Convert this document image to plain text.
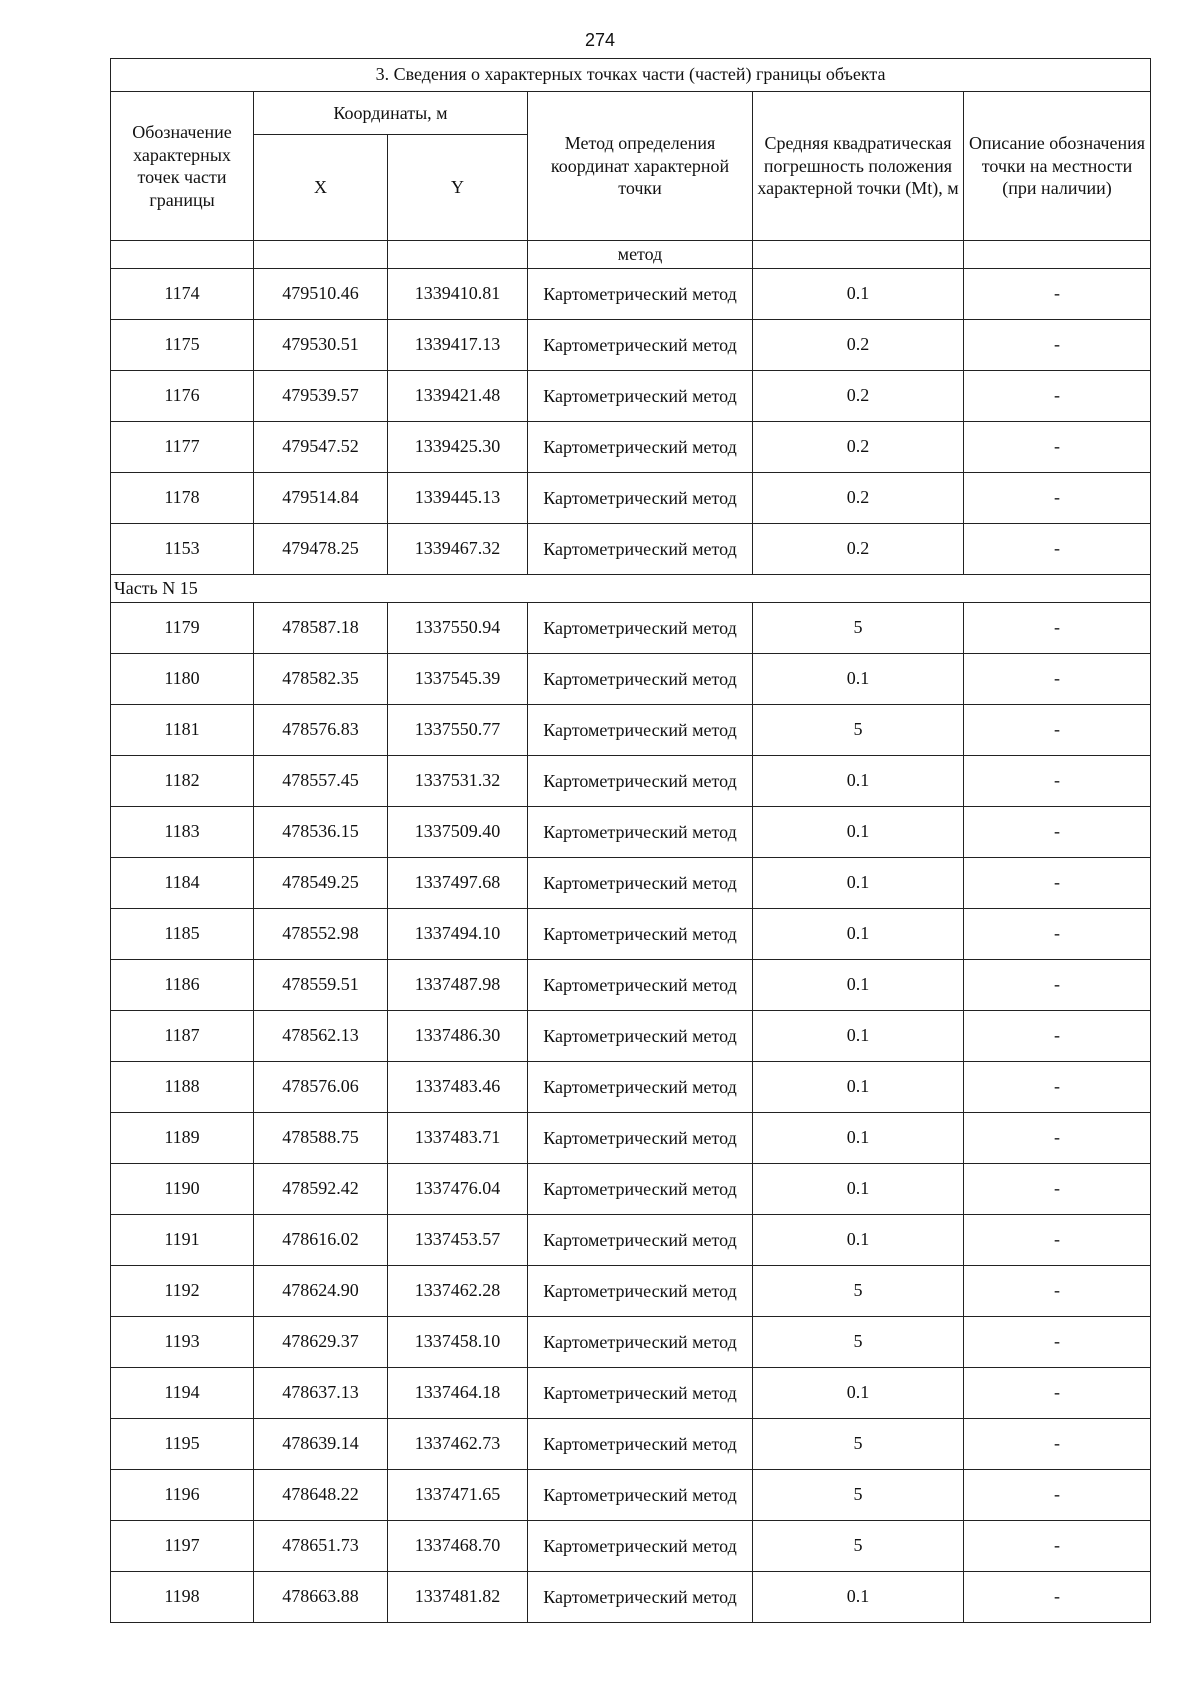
274
3. Сведения о характерных точках части (частей) границы объекта					
Обозначение характерных точек части границы	Координаты, м		Метод определения координат характерной точки	Средняя квадратическая погрешность положения характерной точки (Mt), м	Описание обозначения точки на местности (при наличии)
	X	Y			
			метод		
1174	479510.46	1339410.81	Картометрический метод	0.1	-
1175	479530.51	1339417.13	Картометрический метод	0.2	-
1176	479539.57	1339421.48	Картометрический метод	0.2	-
1177	479547.52	1339425.30	Картометрический метод	0.2	-
1178	479514.84	1339445.13	Картометрический метод	0.2	-
1153	479478.25	1339467.32	Картометрический метод	0.2	-
Часть N 15					
1179	478587.18	1337550.94	Картометрический метод	5	-
1180	478582.35	1337545.39	Картометрический метод	0.1	-
1181	478576.83	1337550.77	Картометрический метод	5	-
1182	478557.45	1337531.32	Картометрический метод	0.1	-
1183	478536.15	1337509.40	Картометрический метод	0.1	-
1184	478549.25	1337497.68	Картометрический метод	0.1	-
1185	478552.98	1337494.10	Картометрический метод	0.1	-
1186	478559.51	1337487.98	Картометрический метод	0.1	-
1187	478562.13	1337486.30	Картометрический метод	0.1	-
1188	478576.06	1337483.46	Картометрический метод	0.1	-
1189	478588.75	1337483.71	Картометрический метод	0.1	-
1190	478592.42	1337476.04	Картометрический метод	0.1	-
1191	478616.02	1337453.57	Картометрический метод	0.1	-
1192	478624.90	1337462.28	Картометрический метод	5	-
1193	478629.37	1337458.10	Картометрический метод	5	-
1194	478637.13	1337464.18	Картометрический метод	0.1	-
1195	478639.14	1337462.73	Картометрический метод	5	-
1196	478648.22	1337471.65	Картометрический метод	5	-
1197	478651.73	1337468.70	Картометрический метод	5	-
1198	478663.88	1337481.82	Картометрический метод	0.1	-
